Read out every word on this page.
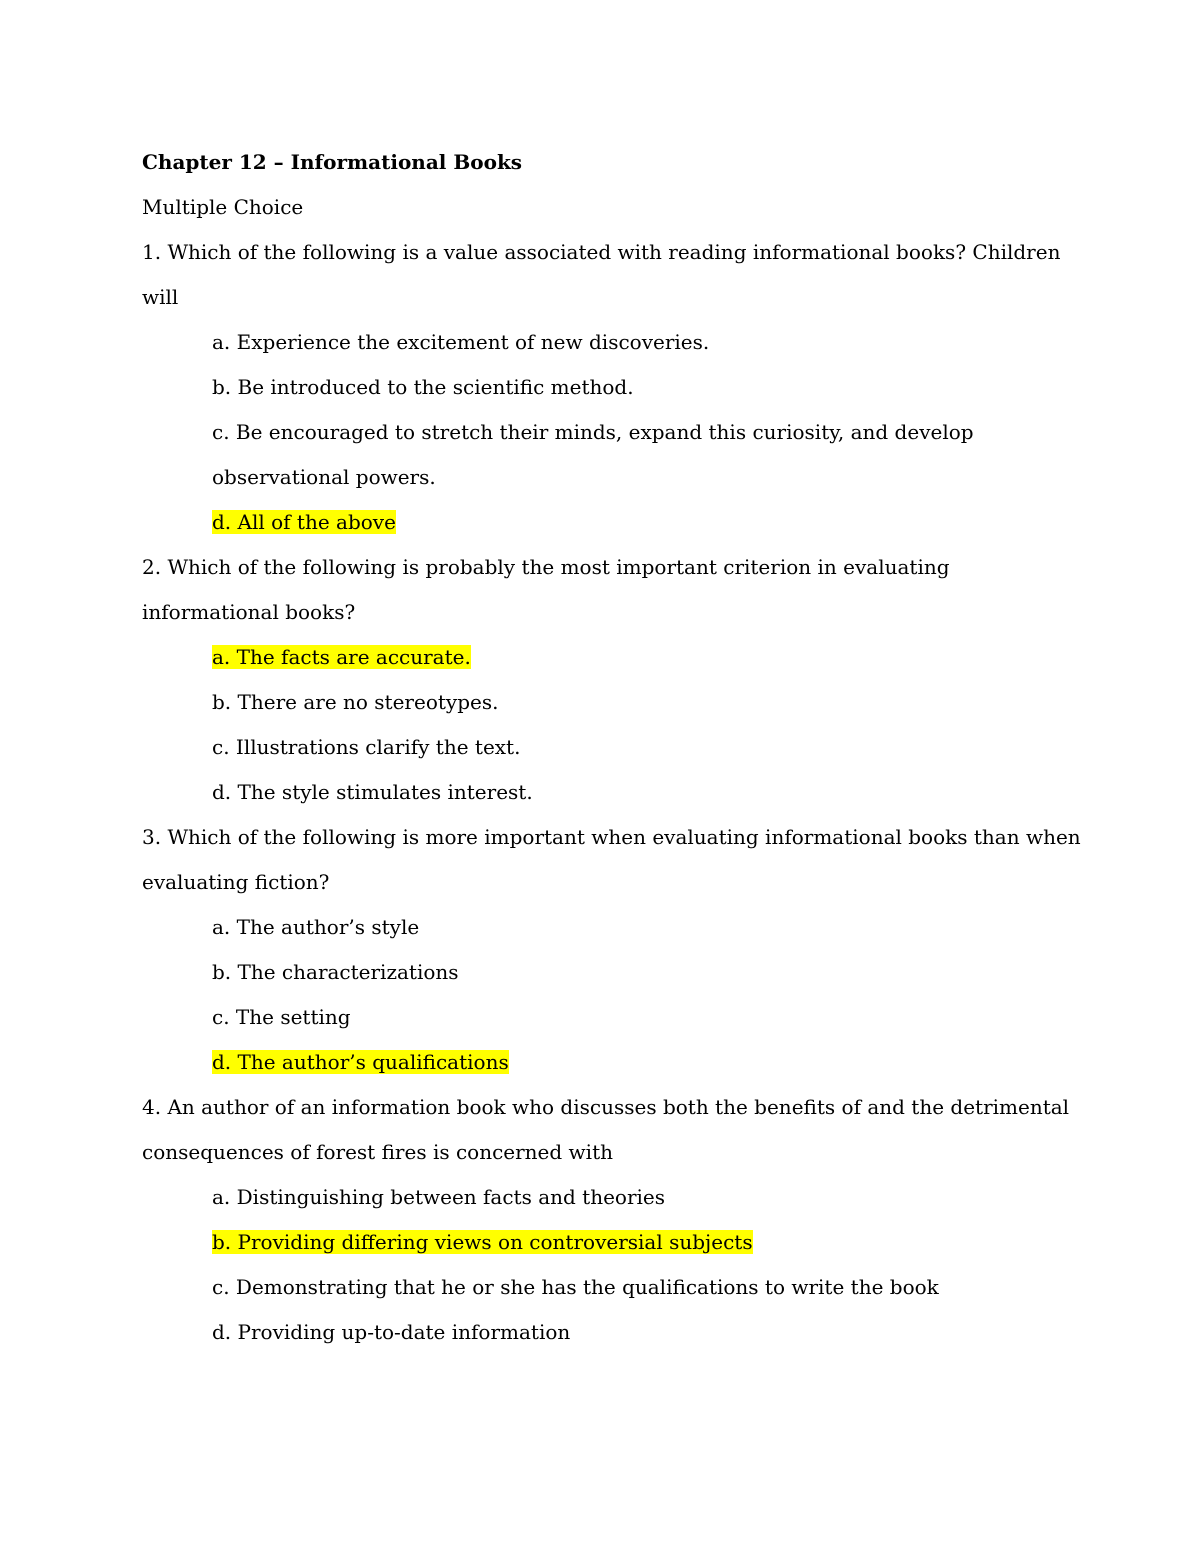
Chapter 12 – Informational Books
Multiple Choice
1. Which of the following is a value associated with reading informational books? Children will
a. Experience the excitement of new discoveries.
b. Be introduced to the scientific method.
c. Be encouraged to stretch their minds, expand this curiosity, and develop observational powers.
d. All of the above
2. Which of the following is probably the most important criterion in evaluating informational books?
a. The facts are accurate.
b. There are no stereotypes.
c. Illustrations clarify the text.
d. The style stimulates interest.
3. Which of the following is more important when evaluating informational books than when evaluating fiction?
a. The author’s style
b. The characterizations
c. The setting
d. The author’s qualifications
4. An author of an information book who discusses both the benefits of and the detrimental consequences of forest fires is concerned with
a. Distinguishing between facts and theories
b. Providing differing views on controversial subjects
c. Demonstrating that he or she has the qualifications to write the book
d. Providing up-to-date information
